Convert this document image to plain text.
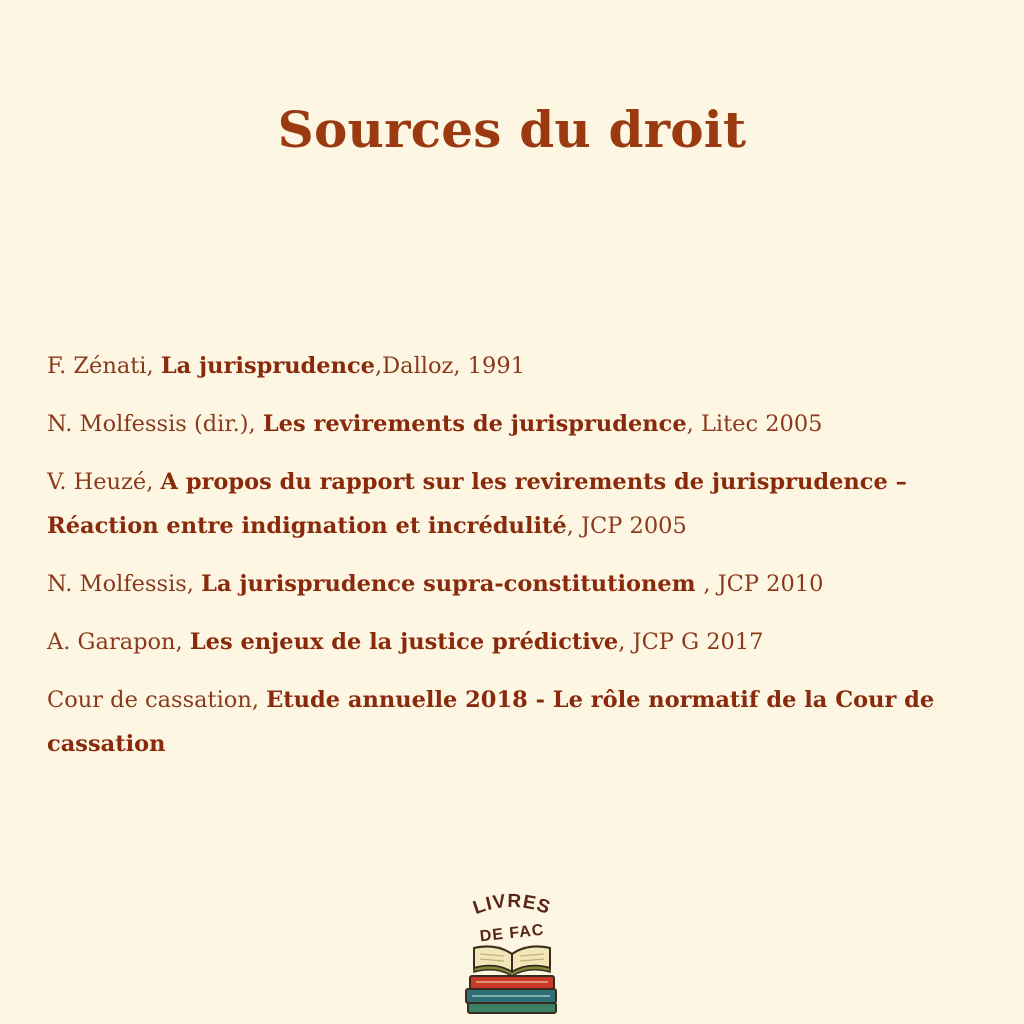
Sources du droit

F. Zénati, La jurisprudence,Dalloz, 1991

N. Molfessis (dir.), Les revirements de jurisprudence, Litec 2005

V. Heuzé, A propos du rapport sur les revirements de jurisprudence – Réaction entre indignation et incrédulité, JCP 2005

N. Molfessis, La jurisprudence supra-constitutionem , JCP 2010

A. Garapon, Les enjeux de la justice prédictive, JCP G 2017

Cour de cassation, Etude annuelle 2018 - Le rôle normatif de la Cour de cassation

LIVRES
DE FAC
